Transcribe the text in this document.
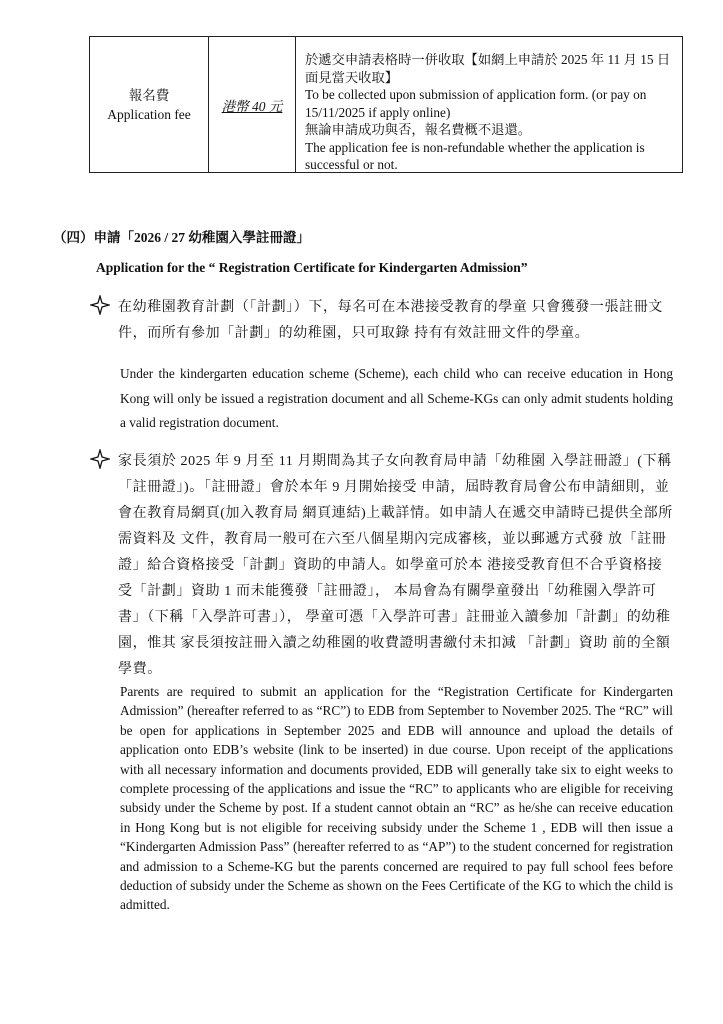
報名費
Application fee
港幣 40 元

於遞交申請表格時一併收取【如網上申請於 2025 年 11 月 15 日面見當天收取】

To be collected upon submission of application form. (or pay on 15/11/2025 if apply online)

無論申請成功與否，報名費概不退還。

The application fee is non-refundable whether the application is successful or not.

（四）申請「2026 / 27 幼稚園入學註冊證」
Application for the “ Registration Certificate for Kindergarten Admission”
在幼稚園教育計劃（「計劃」）下，每名可在本港接受教育的學童 只會獲發一張註冊文件，而所有參加「計劃」的幼稚園，只可取錄 持有有效註冊文件的學童。
Under the kindergarten education scheme (Scheme), each child who can receive education in Hong Kong will only be issued a registration document and all Scheme-KGs can only admit students holding a valid registration document.
家長須於 2025 年 9 月至 11 月期間為其子女向教育局申請「幼稚園 入學註冊證」(下稱「註冊證」)。「註冊證」會於本年 9 月開始接受 申請，屆時教育局會公布申請細則，並會在教育局網頁(加入教育局 網頁連結)上載詳情。如申請人在遞交申請時已提供全部所需資料及 文件，教育局一般可在六至八個星期內完成審核，並以郵遞方式發 放「註冊證」給合資格接受「計劃」資助的申請人。如學童可於本 港接受教育但不合乎資格接受「計劃」資助 1 而未能獲發「註冊證」， 本局會為有關學童發出「幼稚園入學許可書」（下稱「入學許可書」）， 學童可憑「入學許可書」註冊並入讀參加「計劃」的幼稚園，惟其 家長須按註冊入讀之幼稚園的收費證明書繳付未扣減 「計劃」資助 前的全額學費。
Parents are required to submit an application for the “Registration Certificate for Kindergarten Admission” (hereafter referred to as “RC”) to EDB from September to November 2025. The “RC” will be open for applications in September 2025 and EDB will announce and upload the details of application onto EDB’s website (link to be inserted) in due course. Upon receipt of the applications with all necessary information and documents provided, EDB will generally take six to eight weeks to complete processing of the applications and issue the “RC” to applicants who are eligible for receiving subsidy under the Scheme by post. If a student cannot obtain an “RC” as he/she can receive education in Hong Kong but is not eligible for receiving subsidy under the Scheme 1 , EDB will then issue a “Kindergarten Admission Pass” (hereafter referred to as “AP”) to the student concerned for registration and admission to a Scheme-KG but the parents concerned are required to pay full school fees before deduction of subsidy under the Scheme as shown on the Fees Certificate of the KG to which the child is admitted.
